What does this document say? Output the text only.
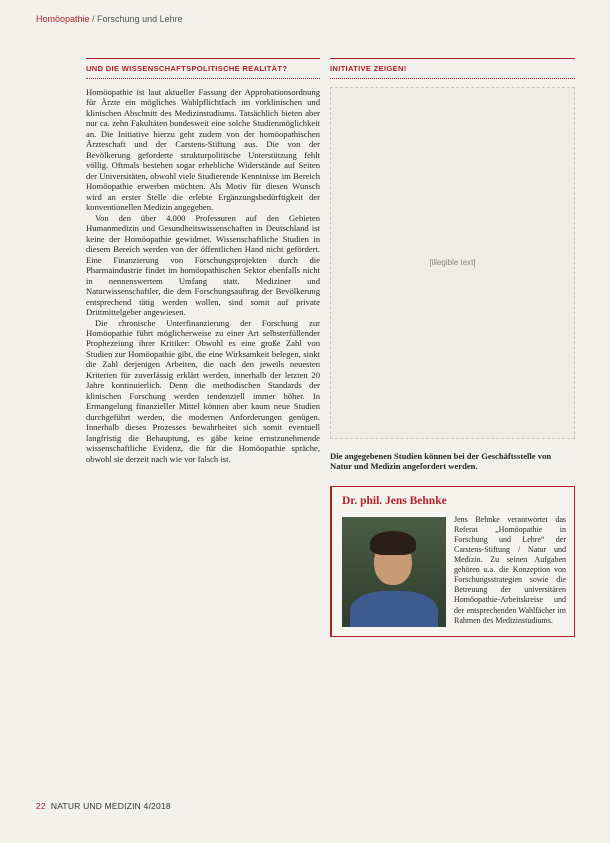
Homöopathie / Forschung und Lehre
UND DIE WISSENSCHAFTSPOLITISCHE REALITÄT?

Homöopathie ist laut aktueller Fassung der Approbationsordnung für Ärzte ein mögliches Wahlpflichtfach im vorklinischen und klinischen Abschnitt des Medizinstudiums. Tatsächlich bieten aber nur ca. zehn Fakultäten bundesweit eine solche Studienmöglichkeit an. Die Initiative hierzu geht zudem von der homöopathischen Ärzteschaft und der Carstens-Stiftung aus. Die von der Bevölkerung geforderte strukturpolitische Unterstützung fehlt völlig. Oftmals bestehen sogar erhebliche Widerstände auf Seiten der Universitäten, obwohl viele Studierende Kenntnisse im Bereich Homöopathie erwerben möchten. Als Motiv für diesen Wunsch wird an erster Stelle die erlebte Ergänzungsbedürftigkeit der konventionellen Medizin angegeben.

Von den über 4.000 Professuren auf den Gebieten Humanmedizin und Gesundheitswissenschaften in Deutschland ist keine der Homöopathie gewidmet. Wissenschaftliche Studien in diesem Bereich werden von der öffentlichen Hand nicht gefördert. Eine Finanzierung von Forschungsprojekten durch die Pharmaindustrie findet im homöopathischen Sektor ebenfalls nicht in nennenswertem Umfang statt. Mediziner und Naturwissenschaftler, die dem Forschungsauftrag der Bevölkerung entsprechend tätig werden wollen, sind somit auf private Drittmittelgeber angewiesen.

Die chronische Unterfinanzierung der Forschung zur Homöopathie führt möglicherweise zu einer Art selbsterfüllender Prophezeiung ihrer Kritiker: Obwohl es eine große Zahl von Studien zur Homöopathie gibt, die eine Wirksamkeit belegen, sinkt die Zahl derjenigen Arbeiten, die nach den jeweils neuesten Kriterien für zuverlässig erklärt werden, innerhalb der letzten 20 Jahre kontinuierlich. Denn die methodischen Standards der klinischen Forschung werden tendenziell immer höher. In Ermangelung finanzieller Mittel können aber kaum neue Studien durchgeführt werden, die modernen Anforderungen genügen. Innerhalb dieses Prozesses bewahrheitet sich somit eventuell langfristig die Behauptung, es gäbe keine ernstzunehmende wissenschaftliche Evidenz, die für die Homöopathie spräche, obwohl sie derzeit nach wie vor falsch ist.

INITIATIVE ZEIGEN!
[illegible text]

Die angegebenen Studien können bei der Geschäftsstelle von Natur und Medizin angefordert werden.

Dr. phil. Jens Behnke
Jens Behnke verantwortet das Referat „Homöopathie in Forschung und Lehre“ der Carstens-Stiftung / Natur und Medizin. Zu seinen Aufgaben gehören u.a. die Konzeption von Forschungsstrategien sowie die Betreuung der universitären Homöopathie-Arbeitskreise und der entsprechenden Wahlfächer im Rahmen des Medizinstudiums.
22 NATUR UND MEDIZIN 4/2018
